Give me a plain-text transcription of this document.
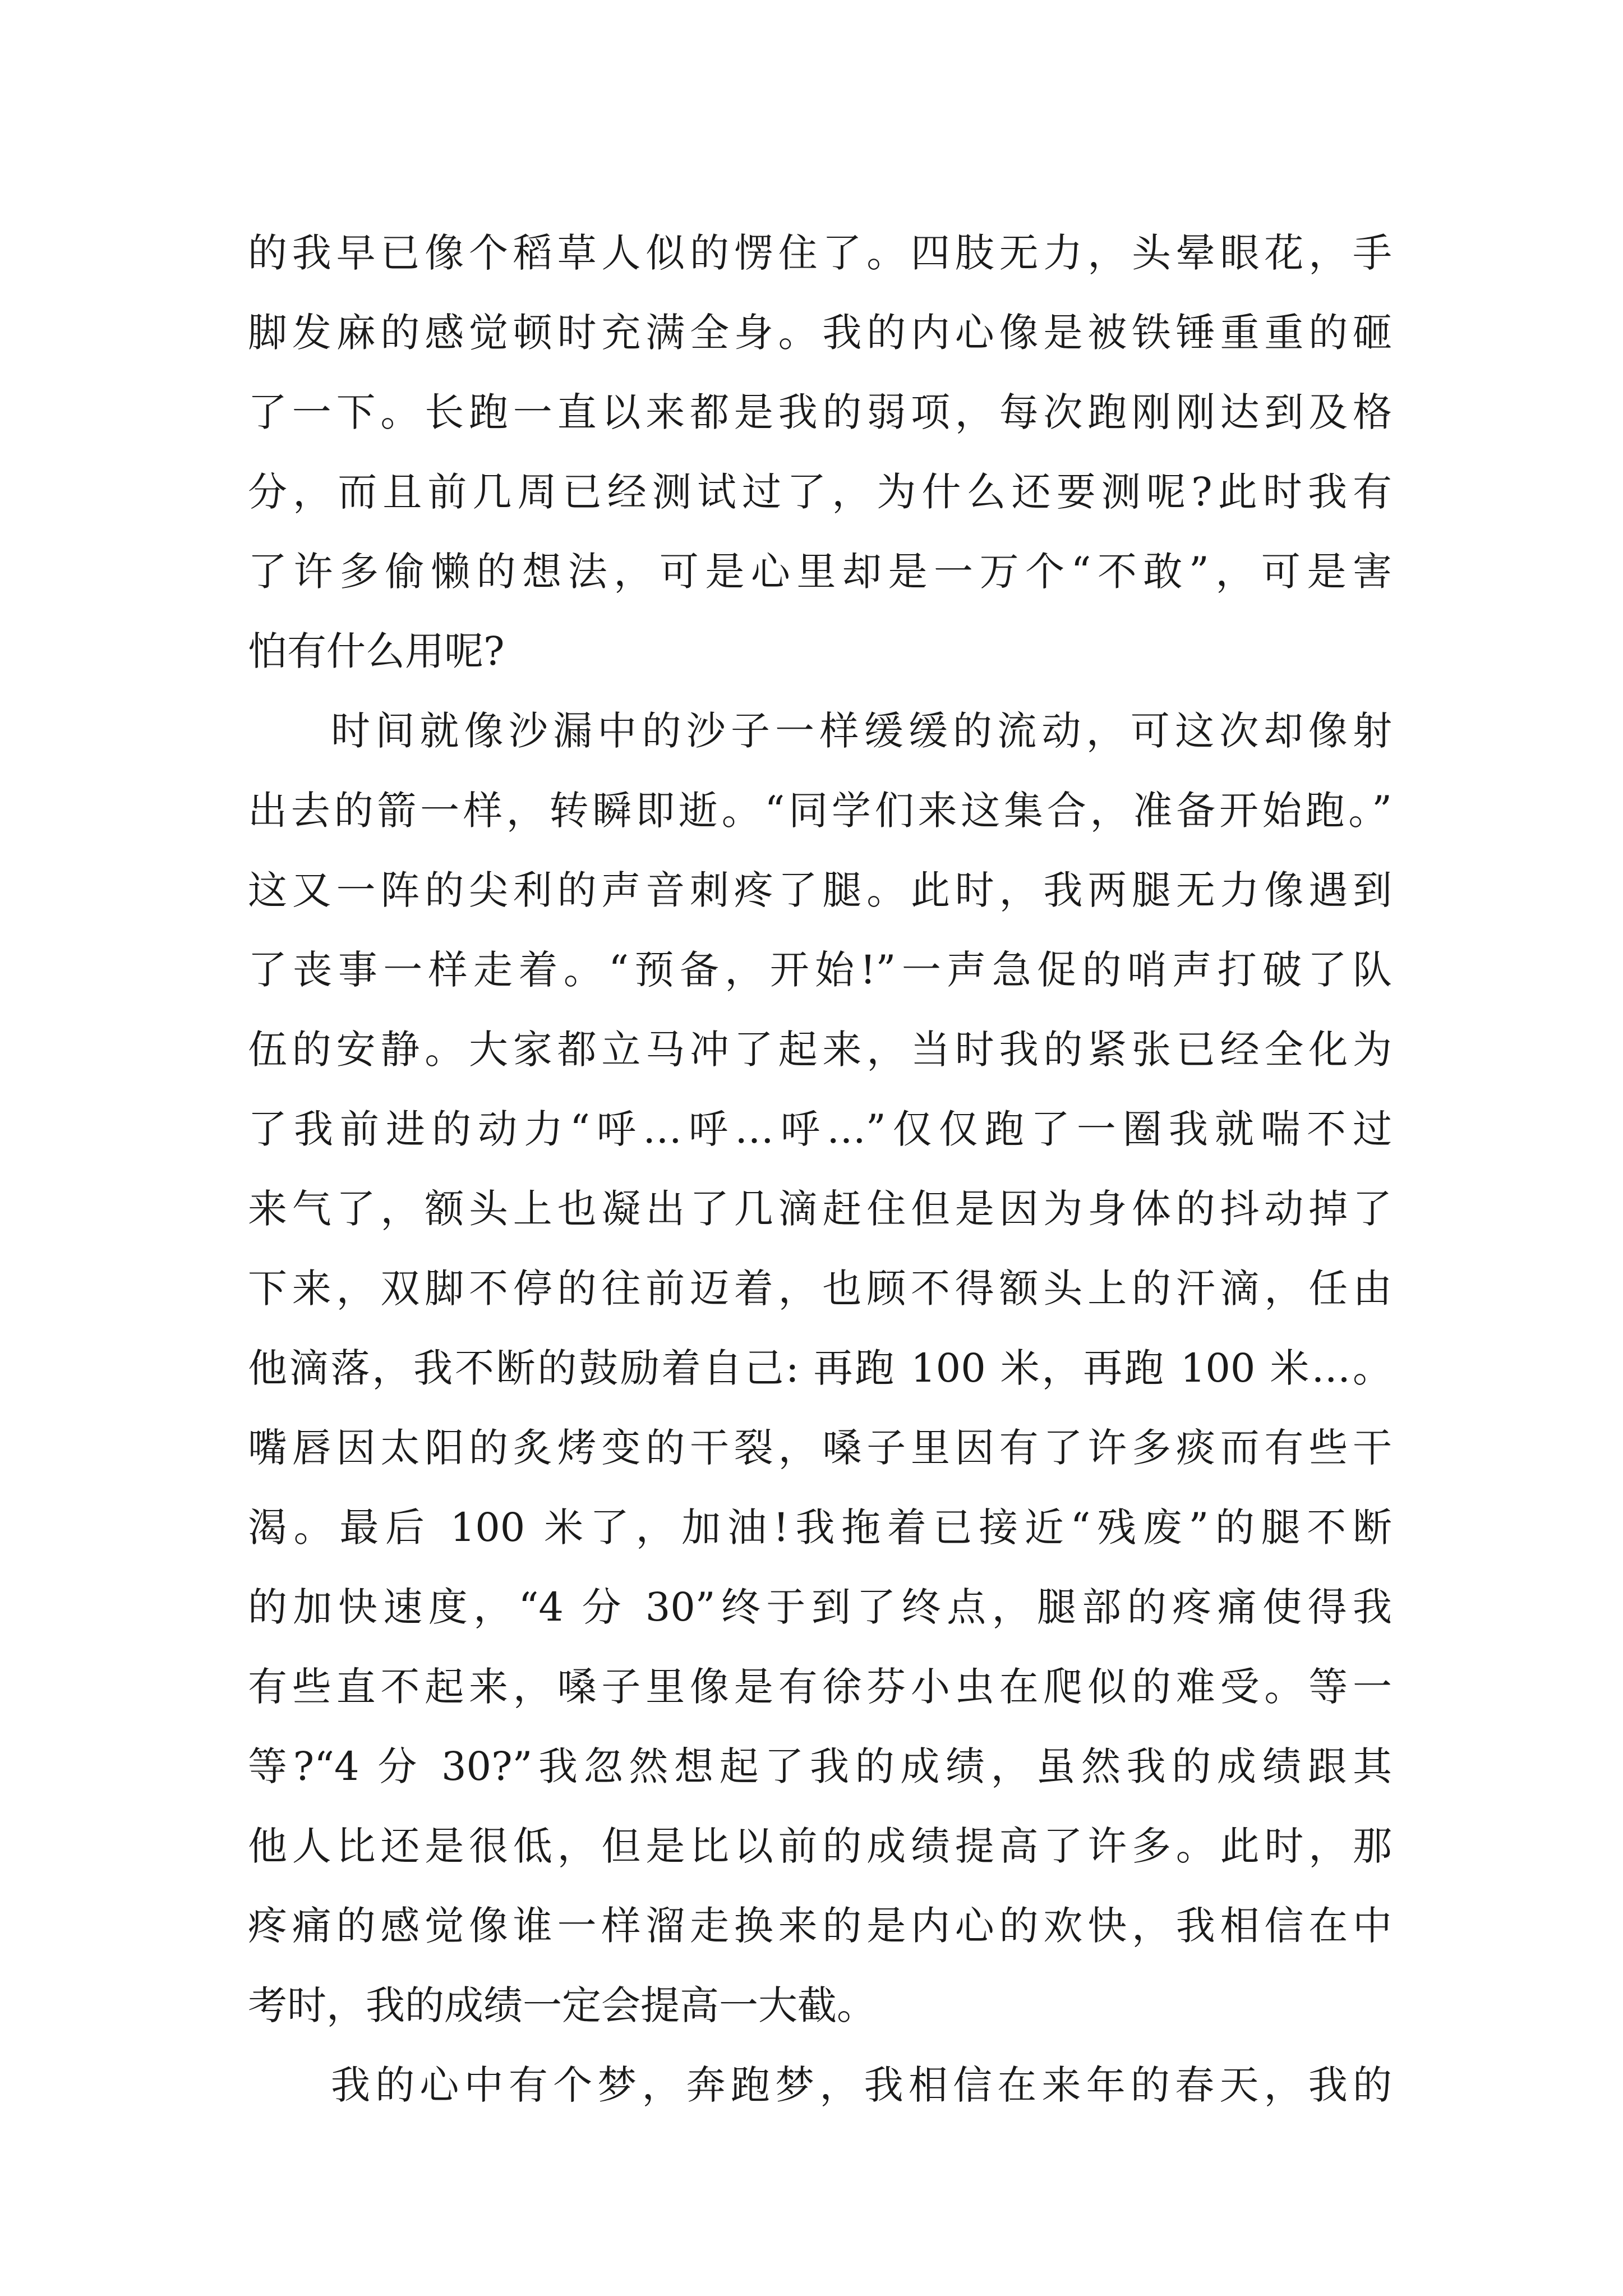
的我早已像个稻草人似的愣住了。四肢无力，头晕眼花，手
脚发麻的感觉顿时充满全身。我的内心像是被铁锤重重的砸
了一下。长跑一直以来都是我的弱项，每次跑刚刚达到及格
分，而且前几周已经测试过了，为什么还要测呢?此时我有
了许多偷懒的想法，可是心里却是一万个“不敢”，可是害
怕有什么用呢?
时间就像沙漏中的沙子一样缓缓的流动，可这次却像射
出去的箭一样，转瞬即逝。“同学们来这集合，准备开始跑。”
这又一阵的尖利的声音刺疼了腿。此时，我两腿无力像遇到
了丧事一样走着。“预备，开始!”一声急促的哨声打破了队
伍的安静。大家都立马冲了起来，当时我的紧张已经全化为
了我前进的动力“呼…呼…呼…”仅仅跑了一圈我就喘不过
来气了，额头上也凝出了几滴赶住但是因为身体的抖动掉了
下来，双脚不停的往前迈着，也顾不得额头上的汗滴，任由
他滴落，我不断的鼓励着自己: 再跑 100 米，再跑 100 米…。
嘴唇因太阳的炙烤变的干裂，嗓子里因有了许多痰而有些干
渴。最后 100 米了，加油!我拖着已接近“残废”的腿不断
的加快速度，“4 分 30”终于到了终点，腿部的疼痛使得我
有些直不起来，嗓子里像是有徐芬小虫在爬似的难受。等一
等?“4 分 30?”我忽然想起了我的成绩，虽然我的成绩跟其
他人比还是很低，但是比以前的成绩提高了许多。此时，那
疼痛的感觉像谁一样溜走换来的是内心的欢快，我相信在中
考时，我的成绩一定会提高一大截。
我的心中有个梦，奔跑梦，我相信在来年的春天，我的
